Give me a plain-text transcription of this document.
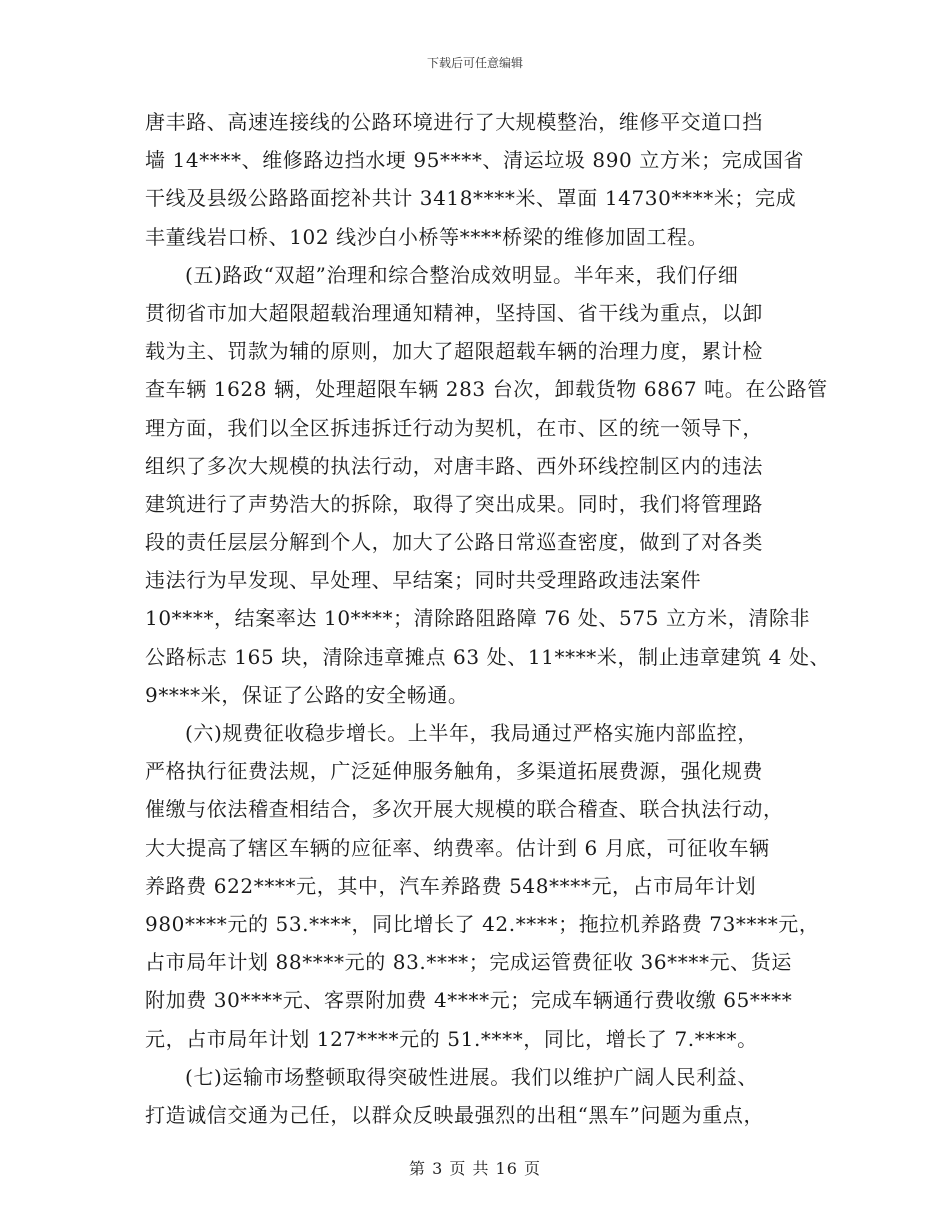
下载后可任意编辑
唐丰路、高速连接线的公路环境进行了大规模整治，维修平交道口挡
墙 14****、维修路边挡水埂 95****、清运垃圾 890 立方米；完成国省
干线及县级公路路面挖补共计 3418****米、罩面 14730****米；完成
丰董线岩口桥、102 线沙白小桥等****桥梁的维修加固工程。
(五)路政“双超”治理和综合整治成效明显。半年来，我们仔细
贯彻省市加大超限超载治理通知精神，坚持国、省干线为重点，以卸
载为主、罚款为辅的原则，加大了超限超载车辆的治理力度，累计检
查车辆 1628 辆，处理超限车辆 283 台次，卸载货物 6867 吨。在公路管
理方面，我们以全区拆违拆迁行动为契机，在市、区的统一领导下，
组织了多次大规模的执法行动，对唐丰路、西外环线控制区内的违法
建筑进行了声势浩大的拆除，取得了突出成果。同时，我们将管理路
段的责任层层分解到个人，加大了公路日常巡查密度，做到了对各类
违法行为早发现、早处理、早结案；同时共受理路政违法案件
10****，结案率达 10****；清除路阻路障 76 处、575 立方米，清除非
公路标志 165 块，清除违章摊点 63 处、11****米，制止违章建筑 4 处、
9****米，保证了公路的安全畅通。
(六)规费征收稳步增长。上半年，我局通过严格实施内部监控，
严格执行征费法规，广泛延伸服务触角，多渠道拓展费源，强化规费
催缴与依法稽查相结合，多次开展大规模的联合稽查、联合执法行动，
大大提高了辖区车辆的应征率、纳费率。估计到 6 月底，可征收车辆
养路费 622****元，其中，汽车养路费 548****元，占市局年计划
980****元的 53.****，同比增长了 42.****；拖拉机养路费 73****元，
占市局年计划 88****元的 83.****；完成运管费征收 36****元、货运
附加费 30****元、客票附加费 4****元；完成车辆通行费收缴 65****
元，占市局年计划 127****元的 51.****，同比，增长了 7.****。
(七)运输市场整顿取得突破性进展。我们以维护广阔人民利益、
打造诚信交通为己任，以群众反映最强烈的出租“黑车”问题为重点，
第 3 页 共 16 页
